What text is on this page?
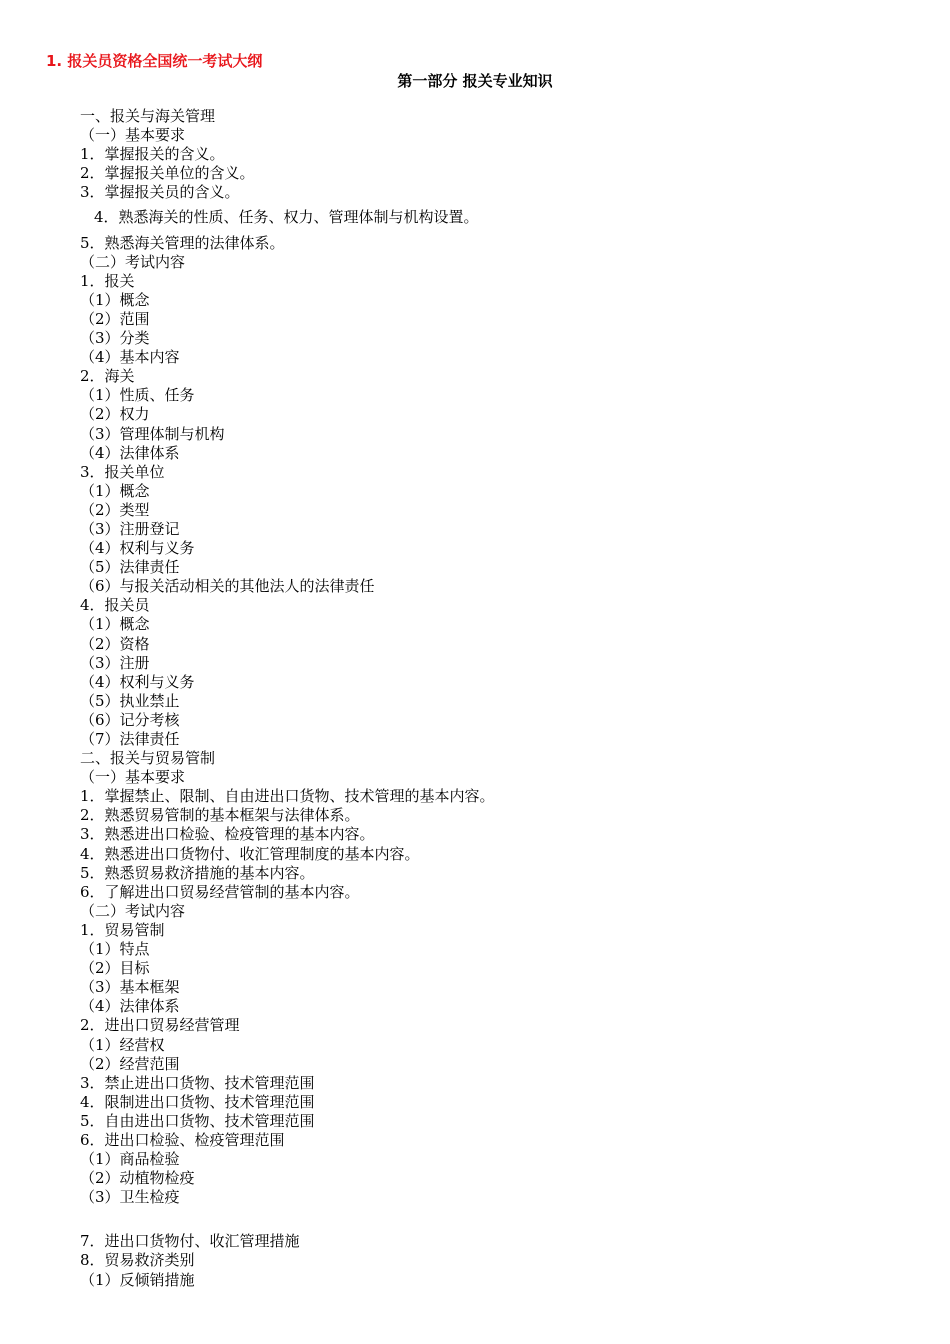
1. 报关员资格全国统一考试大纲
第一部分 报关专业知识
一、报关与海关管理
（一）基本要求
1．掌握报关的含义。
2．掌握报关单位的含义。
3．掌握报关员的含义。
4．熟悉海关的性质、任务、权力、管理体制与机构设置。
5．熟悉海关管理的法律体系。
（二）考试内容
1．报关
（1）概念
（2）范围
（3）分类
（4）基本内容
2．海关
（1）性质、任务
（2）权力
（3）管理体制与机构
（4）法律体系
3．报关单位
（1）概念
（2）类型
（3）注册登记
（4）权利与义务
（5）法律责任
（6）与报关活动相关的其他法人的法律责任
4．报关员
（1）概念
（2）资格
（3）注册
（4）权利与义务
（5）执业禁止
（6）记分考核
（7）法律责任
二、报关与贸易管制
（一）基本要求
1．掌握禁止、限制、自由进出口货物、技术管理的基本内容。
2．熟悉贸易管制的基本框架与法律体系。
3．熟悉进出口检验、检疫管理的基本内容。
4．熟悉进出口货物付、收汇管理制度的基本内容。
5．熟悉贸易救济措施的基本内容。
6．了解进出口贸易经营管制的基本内容。
（二）考试内容
1．贸易管制
（1）特点
（2）目标
（3）基本框架
（4）法律体系
2．进出口贸易经营管理
（1）经营权
（2）经营范围
3．禁止进出口货物、技术管理范围
4．限制进出口货物、技术管理范围
5．自由进出口货物、技术管理范围
6．进出口检验、检疫管理范围
（1）商品检验
（2）动植物检疫
（3）卫生检疫
7．进出口货物付、收汇管理措施
8．贸易救济类别
（1）反倾销措施
